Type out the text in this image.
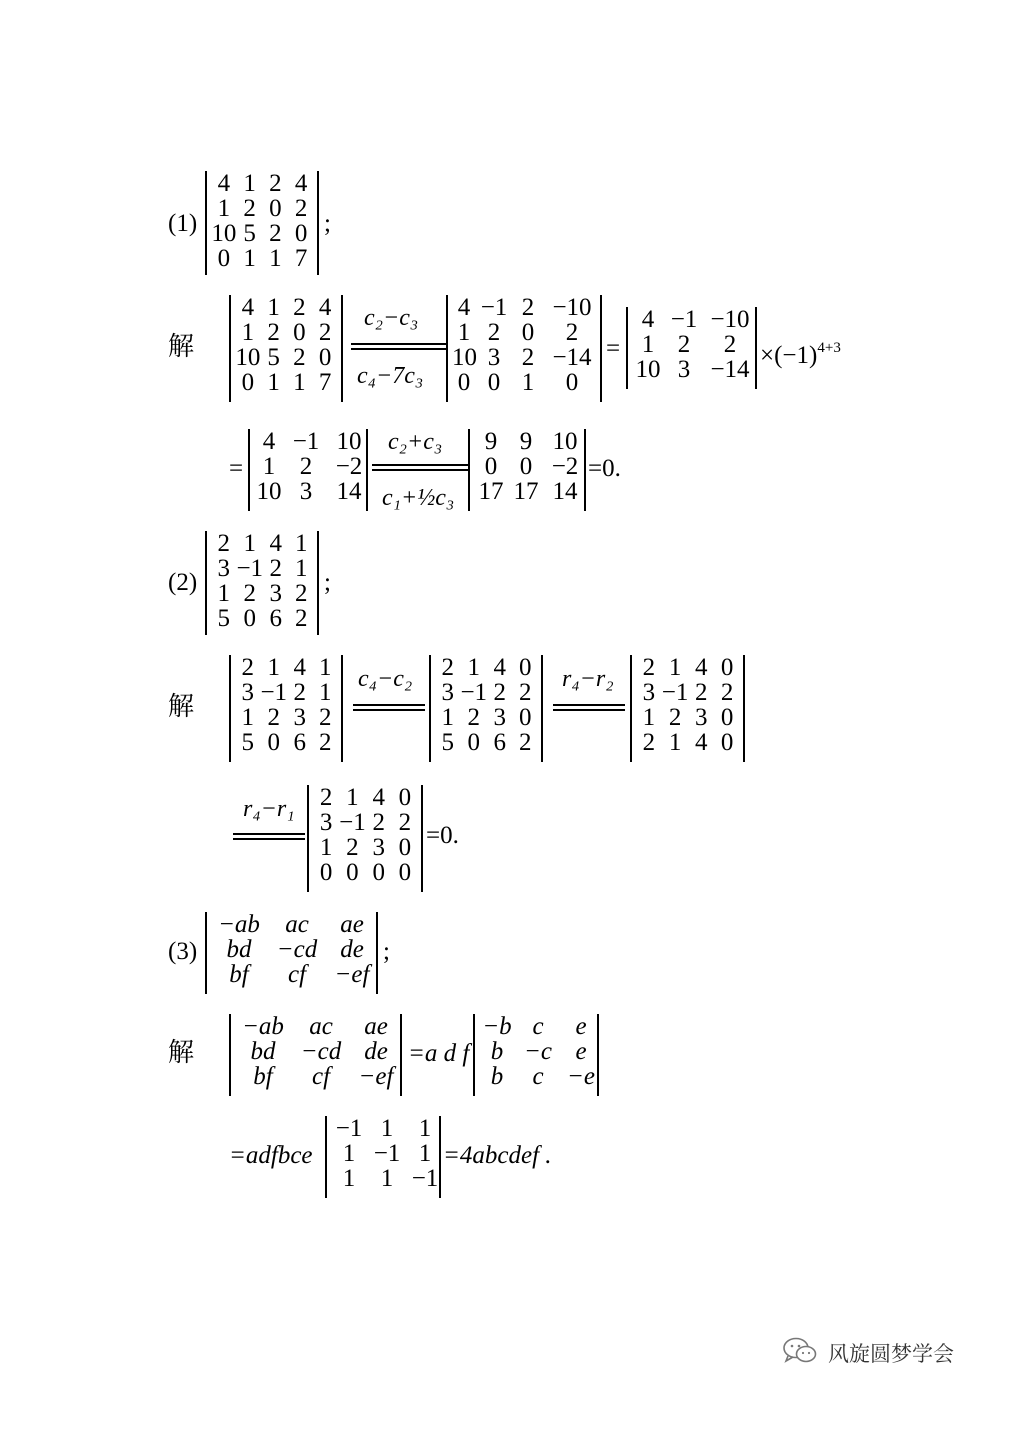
(1)
4 1 2 4
1 2 0 2
10 5 2 0
0 1 1 7
;
解
4 1 2 4
1 2 0 2
10 5 2 0
0 1 1 7
c₂−c₃
c₄−7c₃
4 −1 2 −10
1 2 0	2
10 3 2 −14
0 0 1	0
=
4 −1 −10
1 2	2
10 3 −14
$\times(-1)^{4+3}$
=
4 −1 10
1 2 −2
10 3 14
c₂+c₃
c₁+½c₃
9 9 10
0 0 −2
17 17 14
=0.
(2)
2 1 4 1
3 −1 2 1
1 2 3 2
5 0 6 2
;
解
2 1 4 1
3 −1 2 1
1 2 3 2
5 0 6 2
c₄−c₂ 2 1 4 0
3 −1 2 2
1 2 3 0
5 0 6 2
r₄−r₂ 2 1 4 0
3 −1 2 2
1 2 3 0
2 1 4 0
r₄−r₁ 2 1 4 0
3 −1 2 2
1 2 3 0
0 0 0 0
=0.
(3)
−ab	ac	ae
bd	−cd de
bf	cf	−ef
;
解
−ab	ac	ae
bd	−cd de
bf	cf	−ef
=a d f
−b c	e
b −c e
b	c −e
=adfbce
−1 1	1
1 −1 1
1	1 −1
=4abcdef .
风旋圆梦学会
